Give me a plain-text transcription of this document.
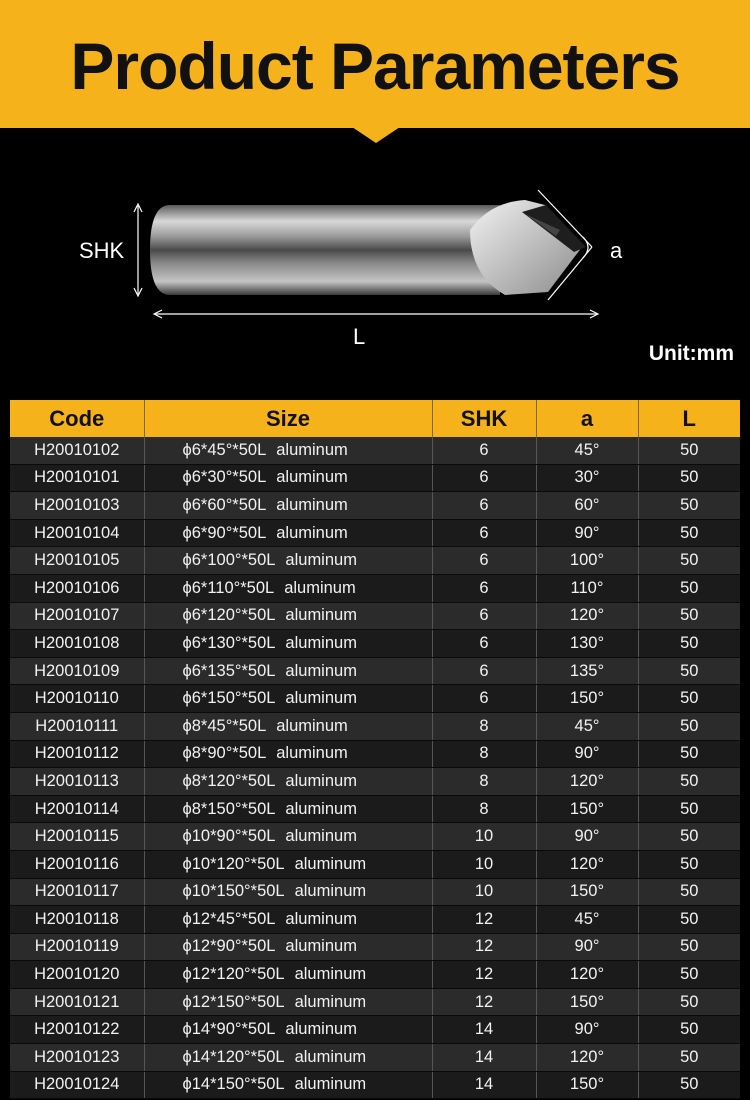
Product Parameters
SHK	a
L
Unit:mm
Code	Size	SHK	a	L
H20010102	ϕ6*45°*50L aluminum	6	45°	50
H20010101	ϕ6*30°*50L aluminum	6	30°	50
H20010103	ϕ6*60°*50L aluminum	6	60°	50
H20010104	ϕ6*90°*50L aluminum	6	90°	50
H20010105	ϕ6*100°*50L aluminum	6	100°	50
H20010106	ϕ6*110°*50L aluminum	6	110°	50
H20010107	ϕ6*120°*50L aluminum	6	120°	50
H20010108	ϕ6*130°*50L aluminum	6	130°	50
H20010109	ϕ6*135°*50L aluminum	6	135°	50
H20010110	ϕ6*150°*50L aluminum	6	150°	50
H20010111	ϕ8*45°*50L aluminum	8	45°	50
H20010112	ϕ8*90°*50L aluminum	8	90°	50
H20010113	ϕ8*120°*50L aluminum	8	120°	50
H20010114	ϕ8*150°*50L aluminum	8	150°	50
H20010115	ϕ10*90°*50L aluminum	10	90°	50
H20010116	ϕ10*120°*50L aluminum	10	120°	50
H20010117	ϕ10*150°*50L aluminum	10	150°	50
H20010118	ϕ12*45°*50L aluminum	12	45°	50
H20010119	ϕ12*90°*50L aluminum	12	90°	50
H20010120	ϕ12*120°*50L aluminum	12	120°	50
H20010121	ϕ12*150°*50L aluminum	12	150°	50
H20010122	ϕ14*90°*50L aluminum	14	90°	50
H20010123	ϕ14*120°*50L aluminum	14	120°	50
H20010124	ϕ14*150°*50L aluminum	14	150°	50
